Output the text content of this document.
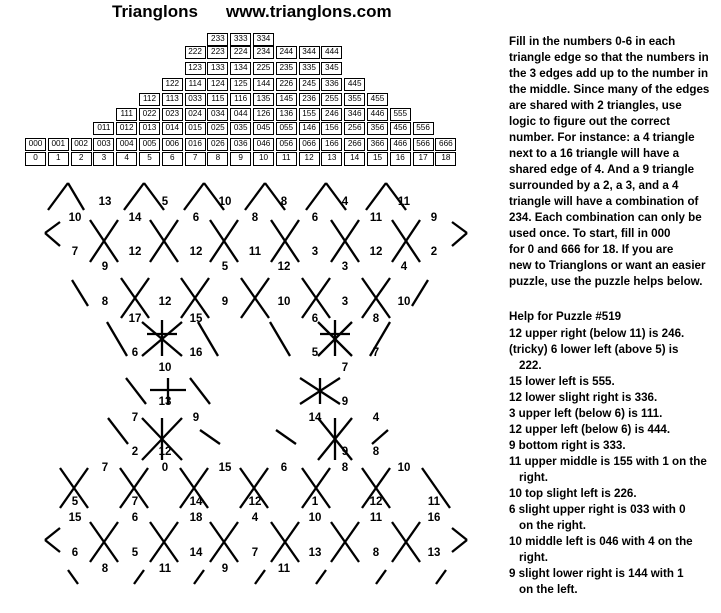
Trianglons www.trianglons.com
233	333	334
222	223	224	234	244	344	444
123	133	134	225	235	335	345
122	114	124	125	144	226	245	336	445
112	113	033	115	116	135	145	236	255	355	455
111	022	023	024	034	044	126	136	155	246	346	446	555
011	012	013	014	015	025	035	045	055	146	156	256	356	456	556
000	001	002	003	004	005	006	016	026	036	046	056	066	166	266	366	466	566	666
0	1	2	3	4	5	6	7	8	9	10	11	12	13	14	15	16	17	18
13	5	10	8	4	11
10	14	6	8	6	11	9
7	12	12	11	3	12	2
9	5	12	3	4
8	12	9	10	3	10
17	15	6	8
6	16	5	7
10	7
13	9
7	9	14	4
2 12	9 8
7	0	15	6	8	10
5	7	14	12	1	12	11
15	6	18	4	10	11	16
6	5	14	7	13	8	13
8	11	9	11
Fill in the numbers 0-6 in each
triangle edge so that the numbers in
the 3 edges add up to the number in
the middle. Since many of the edges
are shared with 2 triangles, use
logic to figure out the correct
number. For instance: a 4 triangle
next to a 16 triangle will have a
shared edge of 4. And a 9 triangle
surrounded by a 2, a 3, and a 4
triangle will have a combination of
234. Each combination can only be
used once. To start, fill in 000
for 0 and 666 for 18. If you are
new to Trianglons or want an easier
puzzle, use the puzzle helps below.
Help for Puzzle #519
12 upper right (below 11) is 246.
(tricky) 6 lower left (above 5) is
222.
15 lower left is 555.
12 lower slight right is 336.
3 upper left (below 6) is 111.
12 upper left (below 6) is 444.
9 bottom right is 333.
11 upper middle is 155 with 1 on the
right.
10 top slight left is 226.
6 slight upper right is 033 with 0
on the right.
10 middle left is 046 with 4 on the
right.
9 slight lower right is 144 with 1
on the left.
